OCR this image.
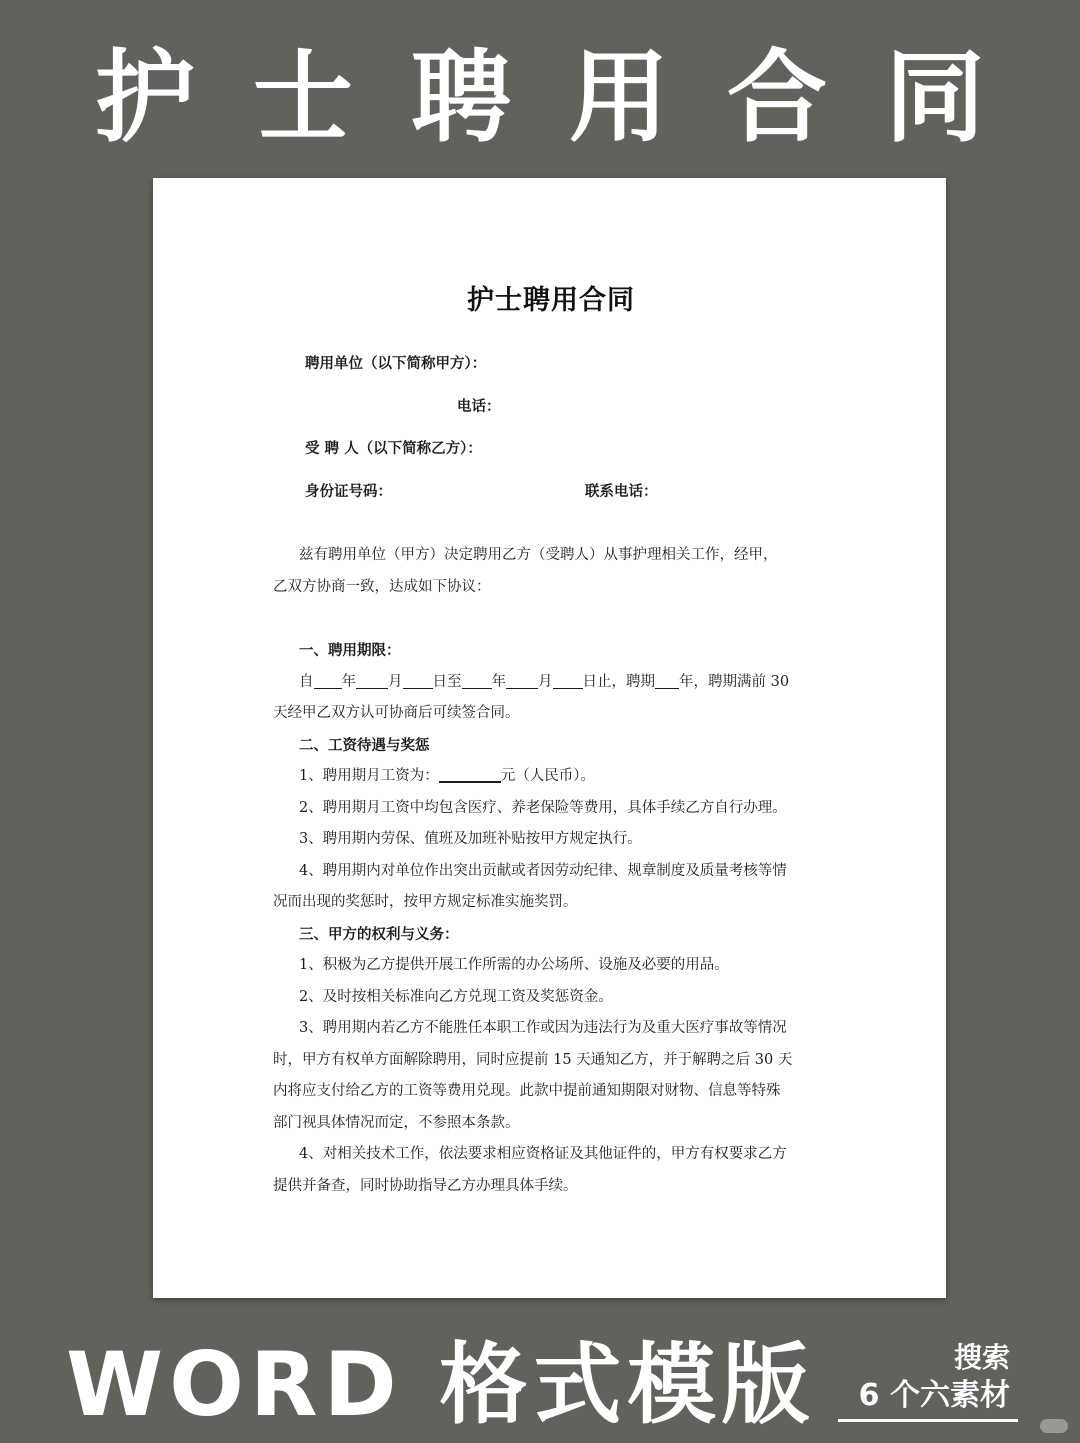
护士聘用合同
护士聘用合同
聘用单位（以下简称甲方）：
电话：
受 聘 人（以下简称乙方）：
身份证号码：	联系电话：
兹有聘用单位（甲方）决定聘用乙方（受聘人）从事护理相关工作，经甲，
乙双方协商一致，达成如下协议：
一、聘用期限：
自 年 月 日至 年 月 日止，聘期 年，聘期满前 30
天经甲乙双方认可协商后可续签合同。
二、工资待遇与奖惩
1、聘用期月工资为：	元（人民币）。
2、聘用期月工资中均包含医疗、养老保险等费用，具体手续乙方自行办理。
3、聘用期内劳保、值班及加班补贴按甲方规定执行。
4、聘用期内对单位作出突出贡献或者因劳动纪律、规章制度及质量考核等情
况而出现的奖惩时，按甲方规定标准实施奖罚。
三、甲方的权利与义务：
1、积极为乙方提供开展工作所需的办公场所、设施及必要的用品。
2、及时按相关标准向乙方兑现工资及奖惩资金。
3、聘用期内若乙方不能胜任本职工作或因为违法行为及重大医疗事故等情况
时，甲方有权单方面解除聘用，同时应提前 15 天通知乙方，并于解聘之后 30 天
内将应支付给乙方的工资等费用兑现。此款中提前通知期限对财物、信息等特殊
部门视具体情况而定，不参照本条款。
4、对相关技术工作，依法要求相应资格证及其他证件的，甲方有权要求乙方
提供并备查，同时协助指导乙方办理具体手续。
WORD 格式模版	搜索
6 个六素材
